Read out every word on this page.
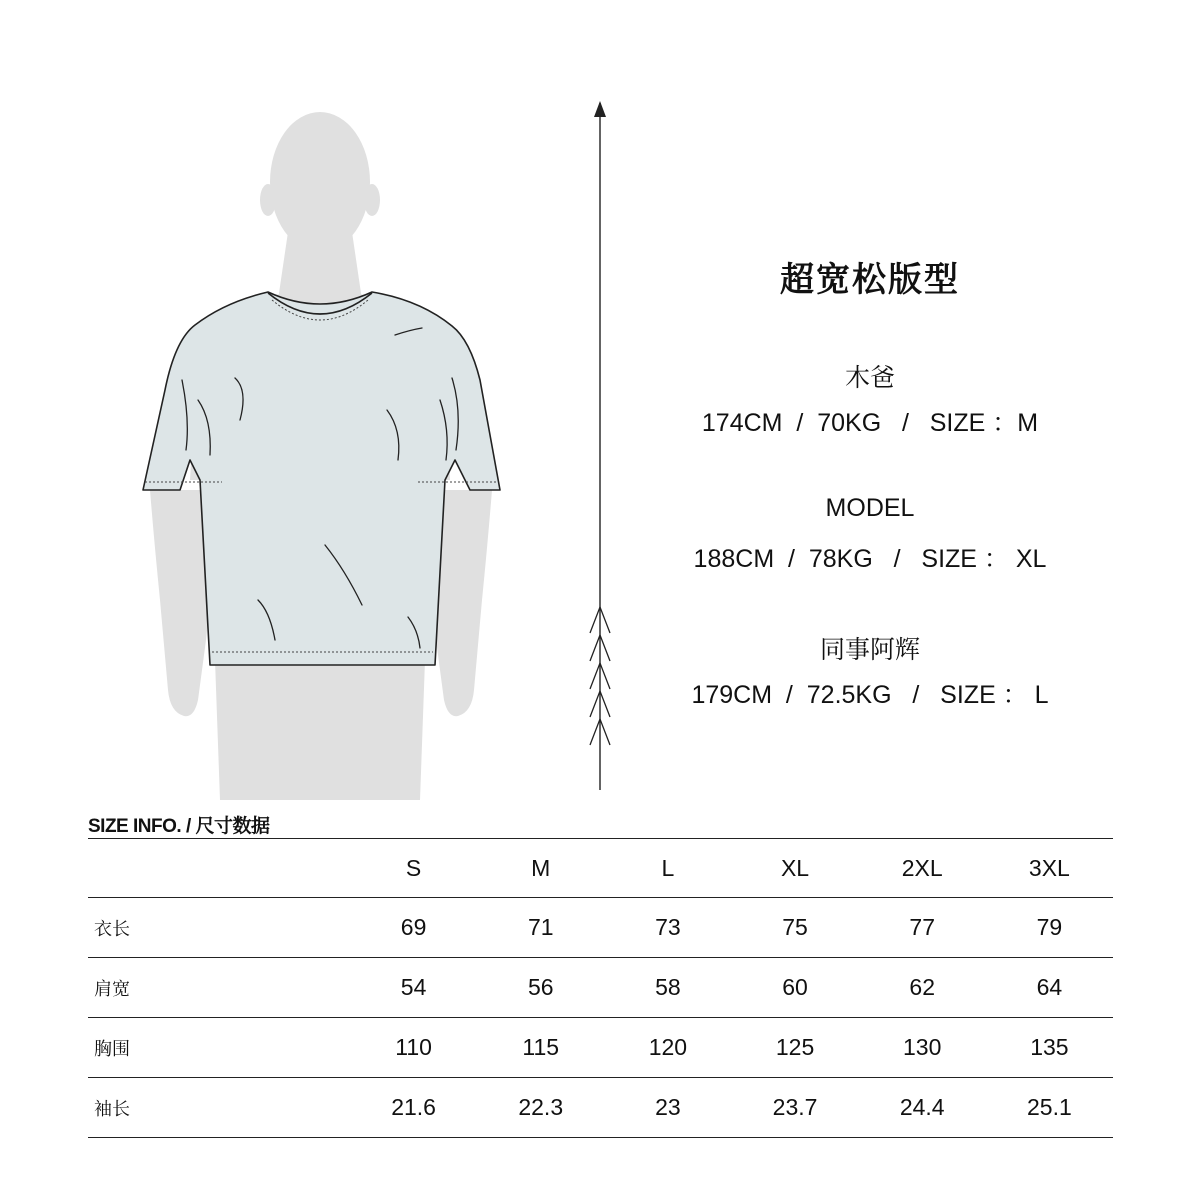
超宽松版型
木爸
174CM  /  70KG   /   SIZE ：M
MODEL
188CM  /  78KG   /   SIZE ： XL
同事阿辉
179CM  /  72.5KG   /   SIZE ： L
SIZE INFO. / 尺寸数据
	S	M	L	XL	2XL	3XL
衣长	69	71	73	75	77	79
肩宽	54	56	58	60	62	64
胸围	110	115	120	125	130	135
袖长	21.6	22.3	23	23.7	24.4	25.1
